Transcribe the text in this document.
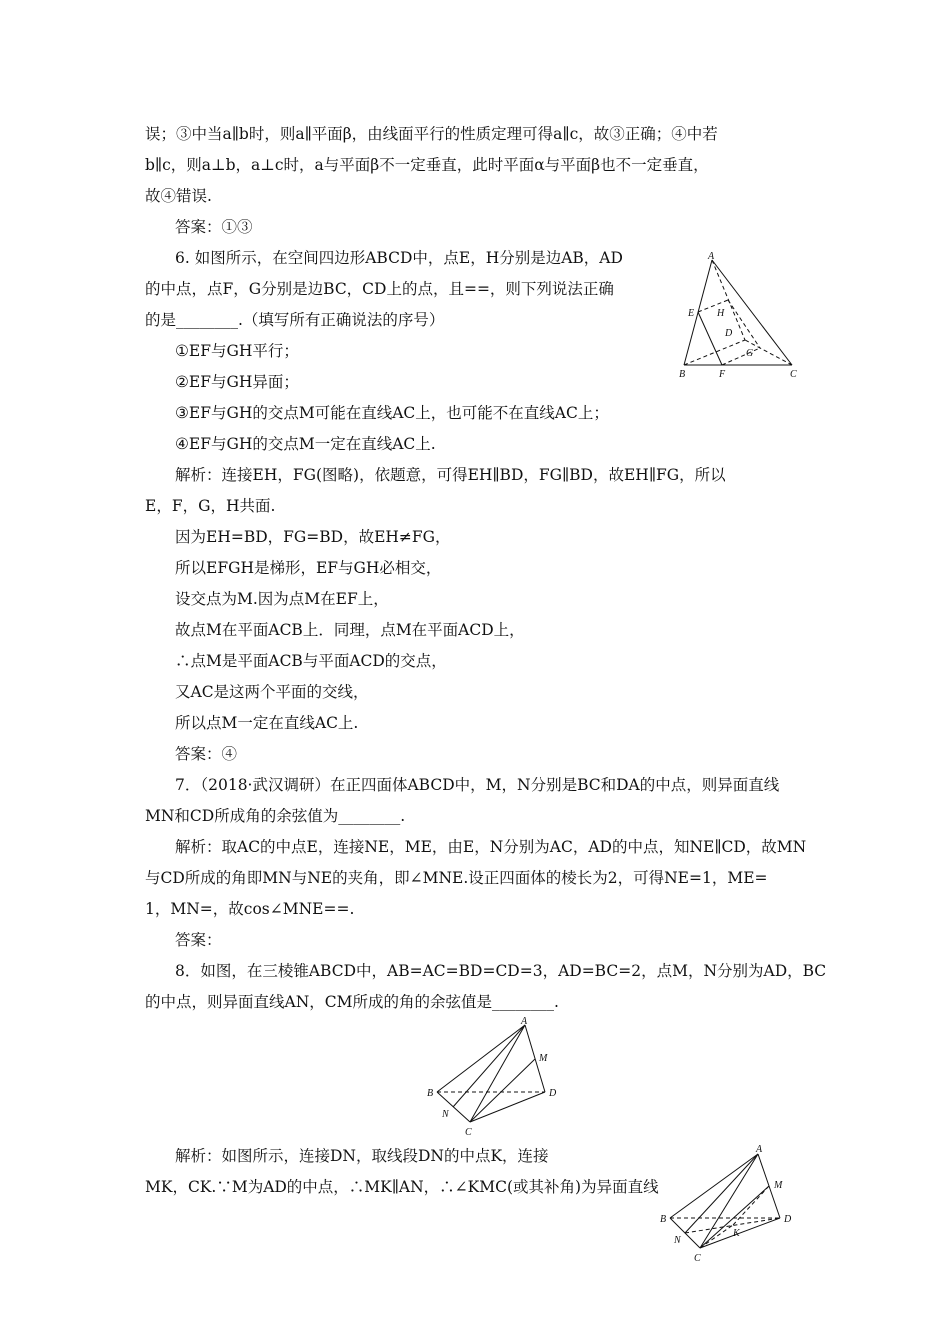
误；③中当a∥b时，则a∥平面β，由线面平行的性质定理可得a∥c，故③正确；④中若
b∥c，则a⊥b，a⊥c时，a与平面β不一定垂直，此时平面α与平面β也不一定垂直，
故④错误.
答案：①③
6. 如图所示，在空间四边形ABCD中，点E，H分别是边AB，AD
的中点，点F，G分别是边BC，CD上的点，且==，则下列说法正确
的是________.（填写所有正确说法的序号）
①EF与GH平行；
②EF与GH异面；
③EF与GH的交点M可能在直线AC上，也可能不在直线AC上；
④EF与GH的交点M一定在直线AC上.
解析：连接EH，FG(图略)，依题意，可得EH∥BD，FG∥BD，故EH∥FG，所以
E，F，G，H共面.
因为EH=BD，FG=BD，故EH≠FG，
所以EFGH是梯形，EF与GH必相交，
设交点为M.因为点M在EF上，
故点M在平面ACB上．同理，点M在平面ACD上，
∴点M是平面ACB与平面ACD的交点，
又AC是这两个平面的交线，
所以点M一定在直线AC上.
答案：④
7．（2018·武汉调研）在正四面体ABCD中，M，N分别是BC和DA的中点，则异面直线
MN和CD所成角的余弦值为________.
解析：取AC的中点E，连接NE，ME，由E，N分别为AC，AD的中点，知NE∥CD，故MN
与CD所成的角即MN与NE的夹角，即∠MNE.设正四面体的棱长为2，可得NE=1，ME=
1，MN=，故cos∠MNE==.
答案：
8．如图，在三棱锥ABCD中，AB=AC=BD=CD=3，AD=BC=2，点M，N分别为AD，BC
的中点，则异面直线AN，CM所成的角的余弦值是________.
解析：如图所示，连接DN，取线段DN的中点K，连接
MK，CK.∵M为AD的中点，∴MK∥AN，∴∠KMC(或其补角)为异面直线
A
E H
D
G
B	F	C
A
M
B	D
N
C
A
M
B	D
N
K
C
